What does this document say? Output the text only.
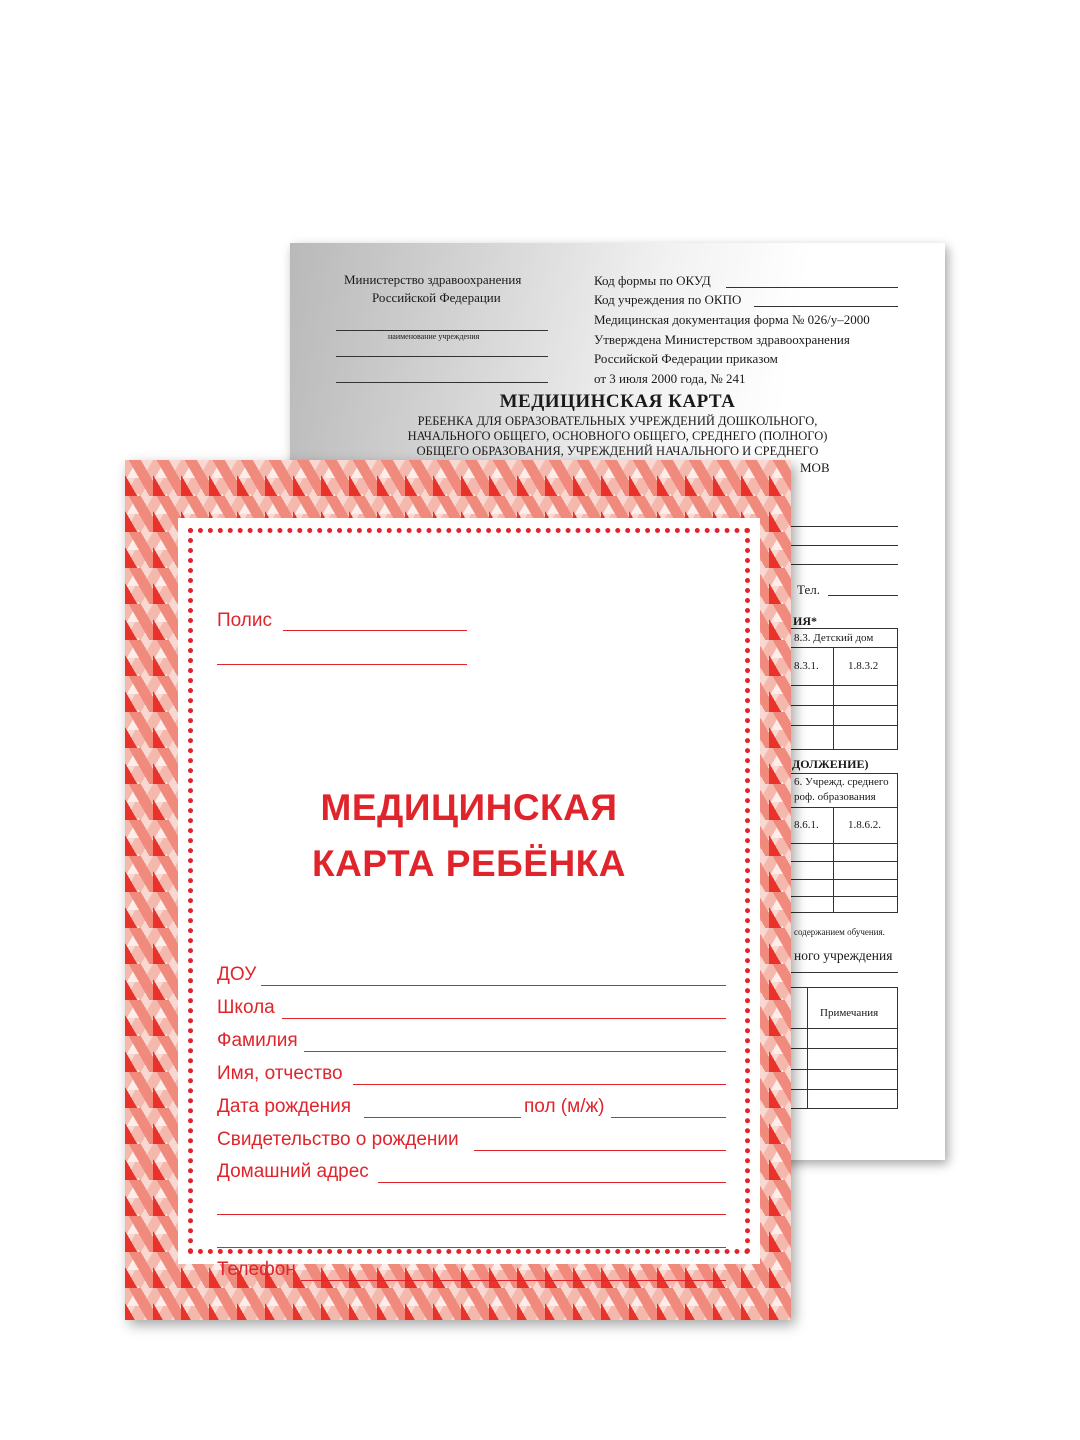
Министерство здравоохранения
Российской Федерации
наименование учреждения
Код формы по ОКУД
Код учреждения по ОКПО
Медицинская документация форма № 026/у–2000
Утверждена Министерством здравоохранения
Российской Федерации приказом
от 3 июля 2000 года, № 241
МЕДИЦИНСКАЯ КАРТА
РЕБЕНКА ДЛЯ ОБРАЗОВАТЕЛЬНЫХ УЧРЕЖДЕНИЙ ДОШКОЛЬНОГО,
НАЧАЛЬНОГО ОБЩЕГО, ОСНОВНОГО ОБЩЕГО, СРЕДНЕГО (ПОЛНОГО)
ОБЩЕГО ОБРАЗОВАНИЯ, УЧРЕЖДЕНИЙ НАЧАЛЬНОГО И СРЕДНЕГО
МОВ
Тел.
ИЯ*
8.3. Детский дом
8.3.1.	1.8.3.2
ДОЛЖЕНИЕ)
6. Учрежд. среднего
роф. образования
8.6.1.	1.8.6.2.
содержанием обучения.
ного учреждения
Примечания
Полис
МЕДИЦИНСКАЯ
КАРТА РЕБЁНКА
ДОУ
Школа
Фамилия
Имя, отчество
Дата рождения	пол (м/ж)
Свидетельство о рождении
Домашний адрес
Телефон
